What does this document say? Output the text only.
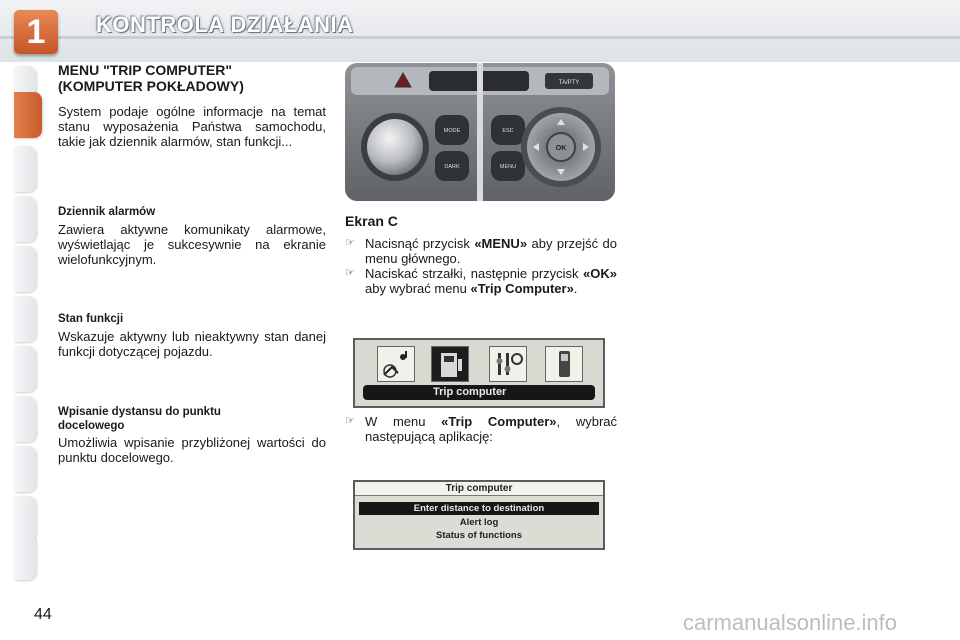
1	KONTROLA DZIAŁANIA
MENU "TRIP COMPUTER"
(KOMPUTER POKŁADOWY)
System podaje ogólne informacje na temat stanu wyposażenia Państwa samochodu, takie jak dziennik alarmów, stan funkcji...
Dziennik alarmów
Zawiera aktywne komunikaty alarmowe, wyświetlając je sukcesywnie na ekranie wielofunkcyjnym.
Stan funkcji
Wskazuje aktywny lub nieaktywny stan danej funkcji dotyczącej pojazdu.
Wpisanie dystansu do punktu
docelowego
Umożliwia wpisanie przybliżonej wartości do punktu docelowego.
TA/PTY
MODE
DARK
ESC
MENU
OK
Ekran C
☞ Nacisnąć przycisk «MENU» aby przejść do menu głównego.
☞ Naciskać strzałki, następnie przycisk «OK» aby wybrać menu «Trip Computer».
Trip computer
☞ W menu «Trip Computer», wybrać następującą aplikację:
Trip computer
Enter distance to destination
Alert log
Status of functions
44	carmanualsonline.info
